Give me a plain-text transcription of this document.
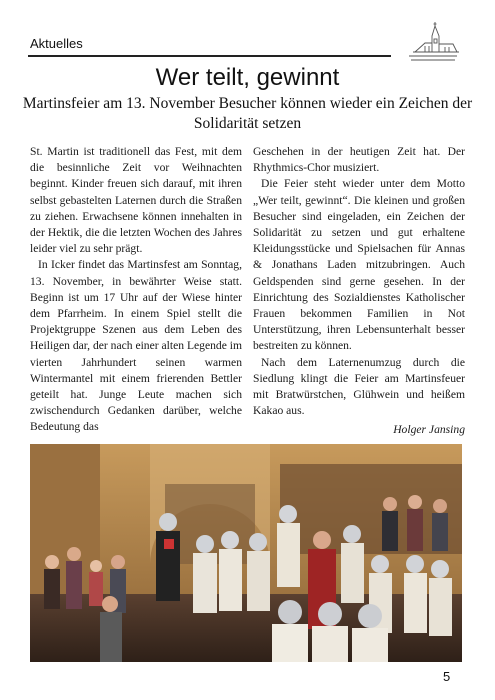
Aktuelles
Wer teilt, gewinnt
Martinsfeier am 13. November Besucher können wieder ein Zeichen der Solidarität setzen

St. Martin ist traditionell das Fest, mit dem die besinnliche Zeit vor Weihnachten beginnt. Kinder freuen sich darauf, mit ihren selbst gebastelten Laternen durch die Straßen zu ziehen. Erwachsene können innehalten in der Hektik, die die letzten Wochen des Jahres leider viel zu sehr prägt.

In Icker findet das Martinsfest am Sonntag, 13. November, in bewährter Weise statt. Beginn ist um 17 Uhr auf der Wiese hinter dem Pfarrheim. In einem Spiel stellt die Projektgruppe Szenen aus dem Leben des Heiligen dar, der nach einer alten Legende im vierten Jahrhundert seinen warmen Wintermantel mit einem frierenden Bettler geteilt hat. Junge Leute machen sich zwischendurch Gedanken darüber, welche Bedeutung das

Geschehen in der heutigen Zeit hat. Der Rhythmics-Chor musiziert.

Die Feier steht wieder unter dem Motto „Wer teilt, gewinnt“. Die kleinen und großen Besucher sind eingeladen, ein Zeichen der Solidarität zu setzen und gut erhaltene Kleidungsstücke und Spielsachen für Annas & Jonathans Laden mitzubringen. Auch Geldspenden sind gerne gesehen. In der Einrichtung des Sozialdienstes Katholischer Frauen bekommen Familien in Not Unterstützung, ihren Lebensunterhalt besser bestreiten zu können.

Nach dem Laternenumzug durch die Siedlung klingt die Feier am Martinsfeuer mit Bratwürstchen, Glühwein und heißem Kakao aus.

Holger Jansing
5
